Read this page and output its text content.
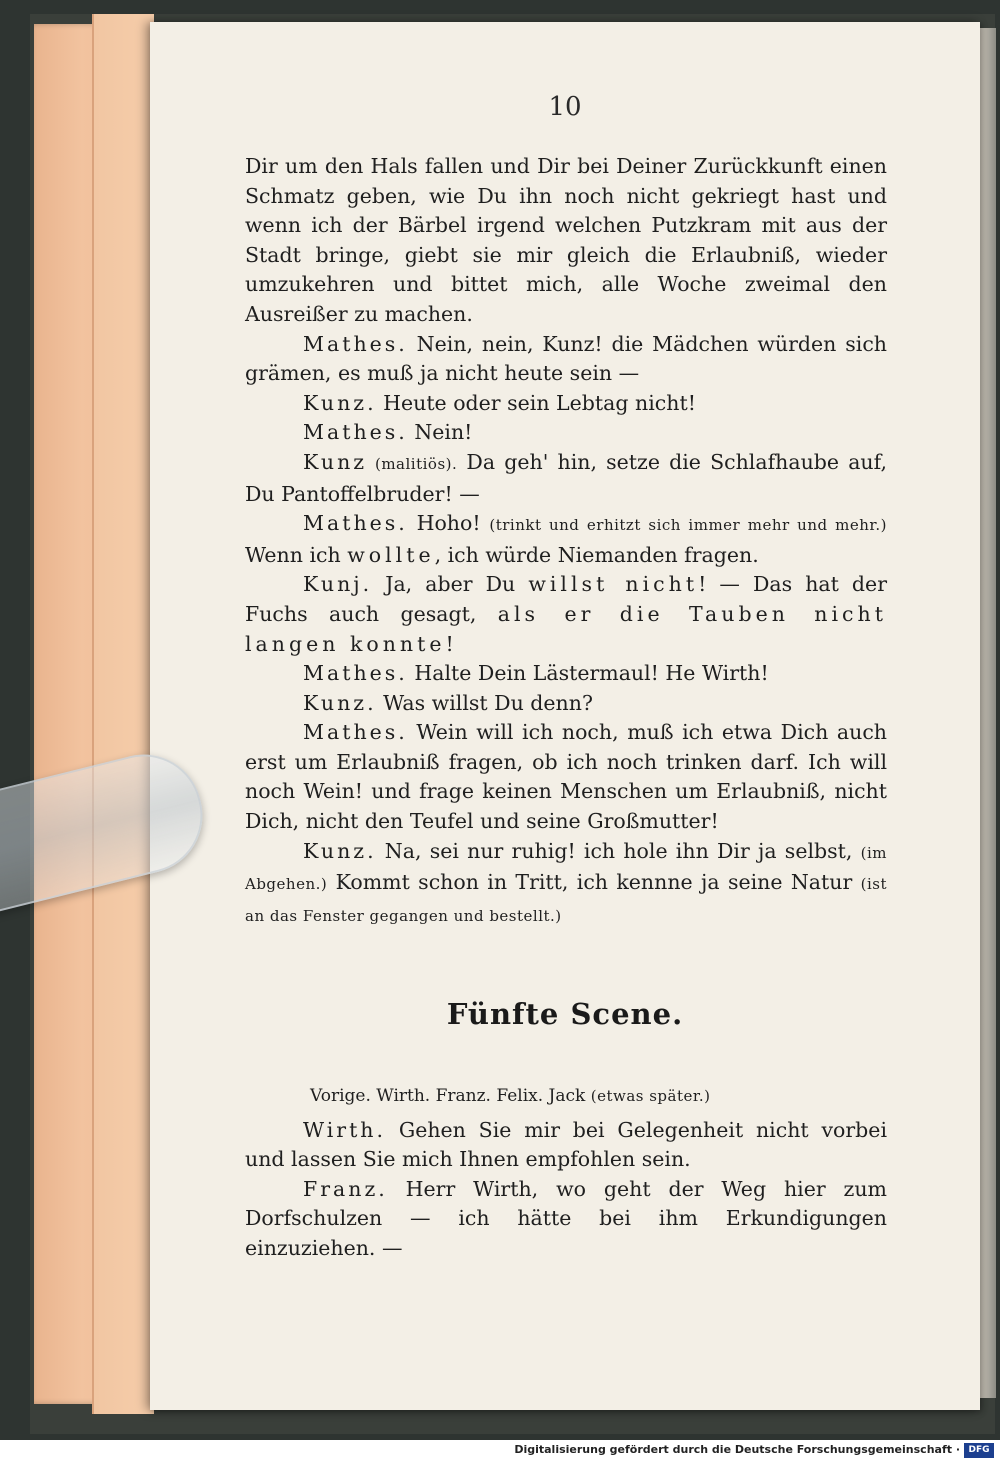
10

Dir um den Hals fallen und Dir bei Deiner Zurückkunft einen Schmatz geben, wie Du ihn noch nicht gekriegt hast und wenn ich der Bärbel irgend welchen Putzkram mit aus der Stadt bringe, giebt sie mir gleich die Erlaubniß, wieder umzukehren und bittet mich, alle Woche zweimal den Ausreißer zu machen.

Mathes. Nein, nein, Kunz! die Mädchen würden sich grämen, es muß ja nicht heute sein —

Kunz. Heute oder sein Lebtag nicht!

Mathes. Nein!

Kunz (malitiös). Da geh' hin, setze die Schlafhaube auf, Du Pantoffelbruder! —

Mathes. Hoho! (trinkt und erhitzt sich immer mehr und mehr.) Wenn ich wollte, ich würde Niemanden fragen.

Kunj. Ja, aber Du willst nicht! — Das hat der Fuchs auch gesagt, als er die Tauben nicht langen konnte!

Mathes. Halte Dein Lästermaul! He Wirth!

Kunz. Was willst Du denn?

Mathes. Wein will ich noch, muß ich etwa Dich auch erst um Erlaubniß fragen, ob ich noch trinken darf. Ich will noch Wein! und frage keinen Menschen um Erlaubniß, nicht Dich, nicht den Teufel und seine Großmutter!

Kunz. Na, sei nur ruhig! ich hole ihn Dir ja selbst, (im Abgehen.) Kommt schon in Tritt, ich kennne ja seine Natur (ist an das Fenster gegangen und bestellt.)

Fünfte Scene.

Vorige. Wirth. Franz. Felix. Jack (etwas später.)

Wirth. Gehen Sie mir bei Gelegenheit nicht vorbei und lassen Sie mich Ihnen empfohlen sein.

Franz. Herr Wirth, wo geht der Weg hier zum Dorfschulzen — ich hätte bei ihm Erkundigungen einzuziehen. —

Digitalisierung gefördert durch die Deutsche Forschungsgemeinschaft · DFG
